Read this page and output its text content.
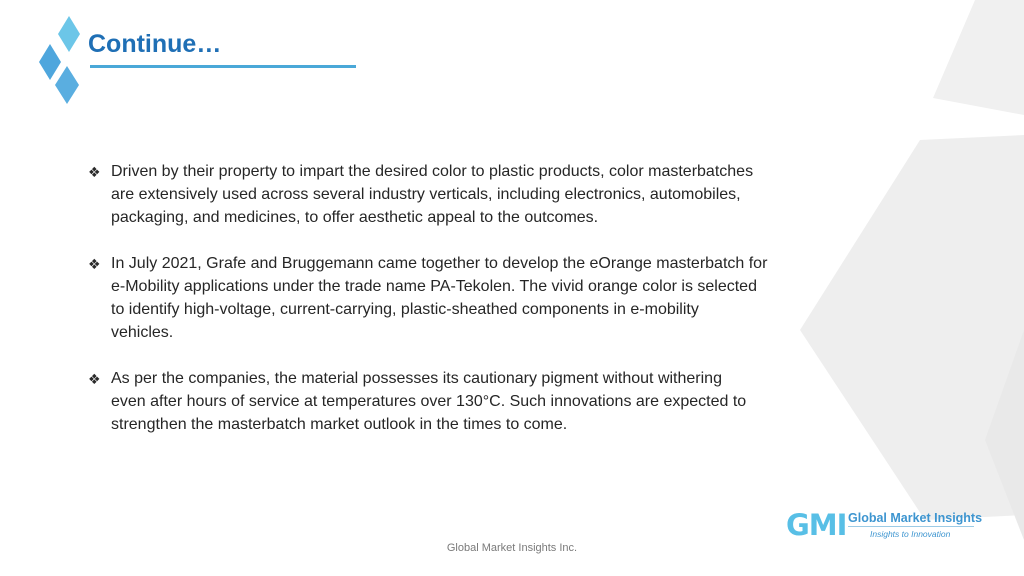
Continue…
❖ Driven by their property to impart the desired color to plastic products, color masterbatches
are extensively used across several industry verticals, including electronics, automobiles,
packaging, and medicines, to offer aesthetic appeal to the outcomes.
❖ In July 2021, Grafe and Bruggemann came together to develop the eOrange masterbatch for
e-Mobility applications under the trade name PA-Tekolen. The vivid orange color is selected
to identify high-voltage, current-carrying, plastic-sheathed components in e-mobility
vehicles.
❖ As per the companies, the material possesses its cautionary pigment without withering
even after hours of service at temperatures over 130°C. Such innovations are expected to
strengthen the masterbatch market outlook in the times to come.
Global Market Insights Inc.
GMI Global Market Insights
Insights to Innovation
